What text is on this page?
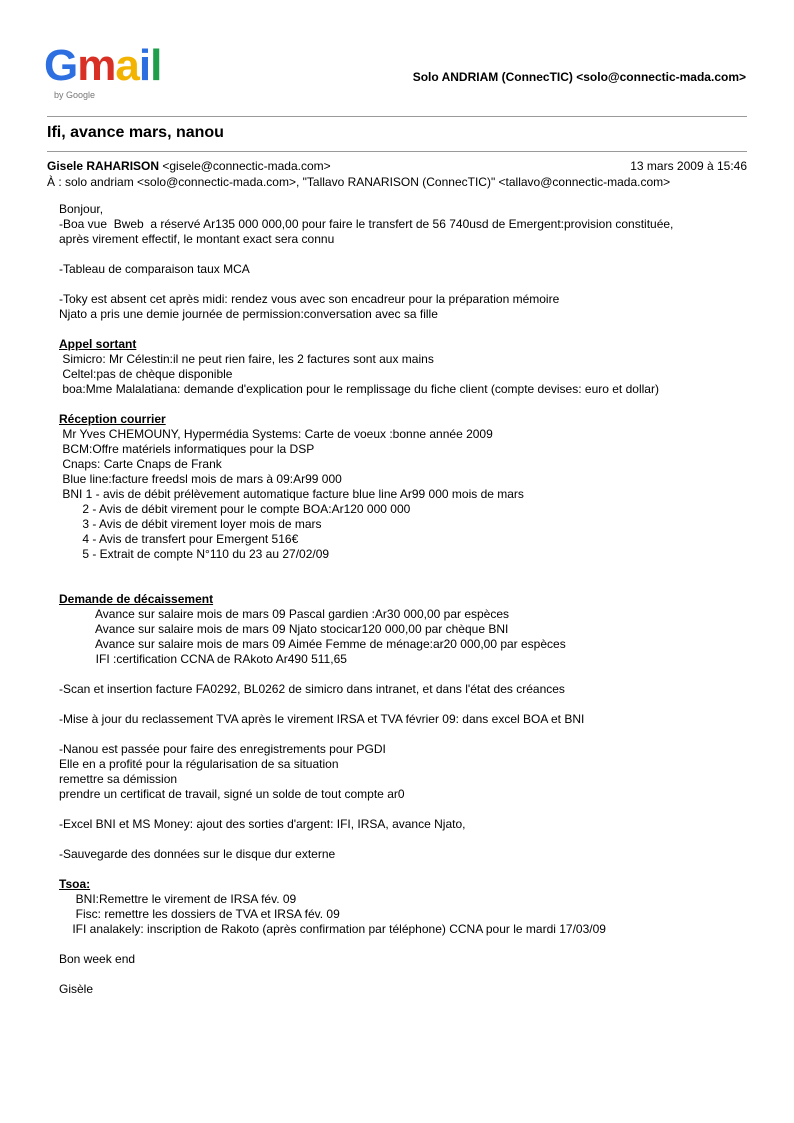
Gmail
by Google
Solo ANDRIAM (ConnecTIC) <solo@connectic-mada.com>
Ifi, avance mars, nanou
Gisele RAHARISON <gisele@connectic-mada.com>	13 mars 2009 à 15:46
À : solo andriam <solo@connectic-mada.com>, "Tallavo RANARISON (ConnecTIC)" <tallavo@connectic-mada.com>
Bonjour,
-Boa vue  Bweb  a réservé Ar135 000 000,00 pour faire le transfert de 56 740usd de Emergent:provision constituée,
après virement effectif, le montant exact sera connu
-Tableau de comparaison taux MCA
-Toky est absent cet après midi: rendez vous avec son encadreur pour la préparation mémoire
Njato a pris une demie journée de permission:conversation avec sa fille
Appel sortant
Simicro: Mr Célestin:il ne peut rien faire, les 2 factures sont aux mains
Celtel:pas de chèque disponible
boa:Mme Malalatiana: demande d'explication pour le remplissage du fiche client (compte devises: euro et dollar)
Réception courrier
Mr Yves CHEMOUNY, Hypermédia Systems: Carte de voeux :bonne année 2009
BCM:Offre matériels informatiques pour la DSP
Cnaps: Carte Cnaps de Frank
Blue line:facture freedsl mois de mars à 09:Ar99 000
BNI 1 - avis de débit prélèvement automatique facture blue line Ar99 000 mois de mars
2 - Avis de débit virement pour le compte BOA:Ar120 000 000
3 - Avis de débit virement loyer mois de mars
4 - Avis de transfert pour Emergent 516€
5 - Extrait de compte N°110 du 23 au 27/02/09
Demande de décaissement
Avance sur salaire mois de mars 09 Pascal gardien :Ar30 000,00 par espèces
Avance sur salaire mois de mars 09 Njato stocicar120 000,00 par chèque BNI
Avance sur salaire mois de mars 09 Aimée Femme de ménage:ar20 000,00 par espèces
IFI :certification CCNA de RAkoto Ar490 511,65
-Scan et insertion facture FA0292, BL0262 de simicro dans intranet, et dans l'état des créances
-Mise à jour du reclassement TVA après le virement IRSA et TVA février 09: dans excel BOA et BNI
-Nanou est passée pour faire des enregistrements pour PGDI
Elle en a profité pour la régularisation de sa situation
remettre sa démission
prendre un certificat de travail, signé un solde de tout compte ar0
-Excel BNI et MS Money: ajout des sorties d'argent: IFI, IRSA, avance Njato,
-Sauvegarde des données sur le disque dur externe
Tsoa:
BNI:Remettre le virement de IRSA fév. 09
Fisc: remettre les dossiers de TVA et IRSA fév. 09
IFI analakely: inscription de Rakoto (après confirmation par téléphone) CCNA pour le mardi 17/03/09
Bon week end
Gisèle
